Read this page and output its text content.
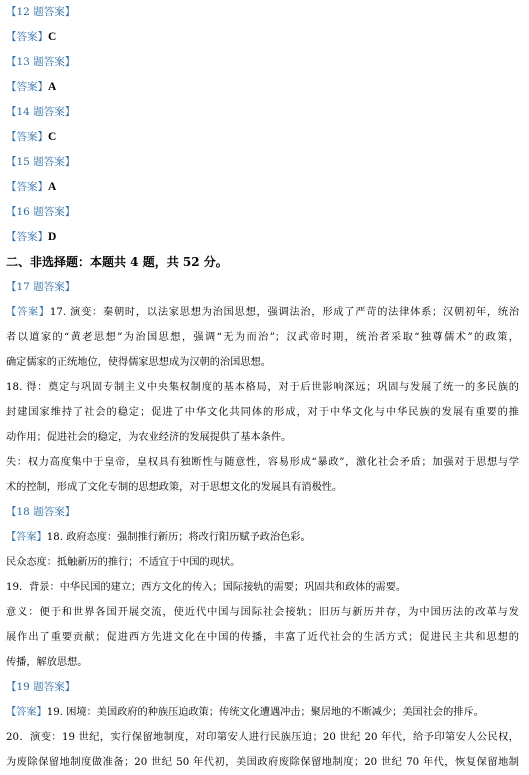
【12 题答案】
【答案】C
【13 题答案】
【答案】A
【14 题答案】
【答案】C
【15 题答案】
【答案】A
【16 题答案】
【答案】D
二、非选择题：本题共 4 题，共 52 分。
【17 题答案】
【答案】17. 演变：秦朝时，以法家思想为治国思想，强调法治，形成了严苛的法律体系；汉朝初年，统治
者以道家的“黄老思想”为治国思想，强调“无为而治”；汉武帝时期，统治者采取“独尊儒术”的政策，
确定儒家的正统地位，使得儒家思想成为汉朝的治国思想。
18. 得：奠定与巩固专制主义中央集权制度的基本格局，对于后世影响深远；巩固与发展了统一的多民族的
封建国家维持了社会的稳定；促进了中华文化共同体的形成，对于中华文化与中华民族的发展有重要的推
动作用；促进社会的稳定，为农业经济的发展提供了基本条件。
失：权力高度集中于皇帝，皇权具有独断性与随意性，容易形成“暴政”，激化社会矛盾；加强对于思想与学
术的控制，形成了文化专制的思想政策，对于思想文化的发展具有消极性。
【18 题答案】
【答案】18. 政府态度：强制推行新历；将改行阳历赋予政治色彩。
民众态度：抵触新历的推行；不适宜于中国的现状。
19．背景：中华民国的建立；西方文化的传入；国际接轨的需要；巩固共和政体的需要。
意义：便于和世界各国开展交流，使近代中国与国际社会接轨；旧历与新历并存，为中国历法的改革与发
展作出了重要贡献；促进西方先进文化在中国的传播，丰富了近代社会的生活方式；促进民主共和思想的
传播，解放思想。
【19 题答案】
【答案】19. 困境：美国政府的种族压迫政策；传统文化遭遇冲击；聚居地的不断减少；美国社会的排斥。
20．演变：19 世纪，实行保留地制度，对印第安人进行民族压迫；20 世纪 20 年代，给予印第安人公民权，
为废除保留地制度做准备；20 世纪 50 年代初，美国政府废除保留地制度；20 世纪 70 年代，恢复保留地制
